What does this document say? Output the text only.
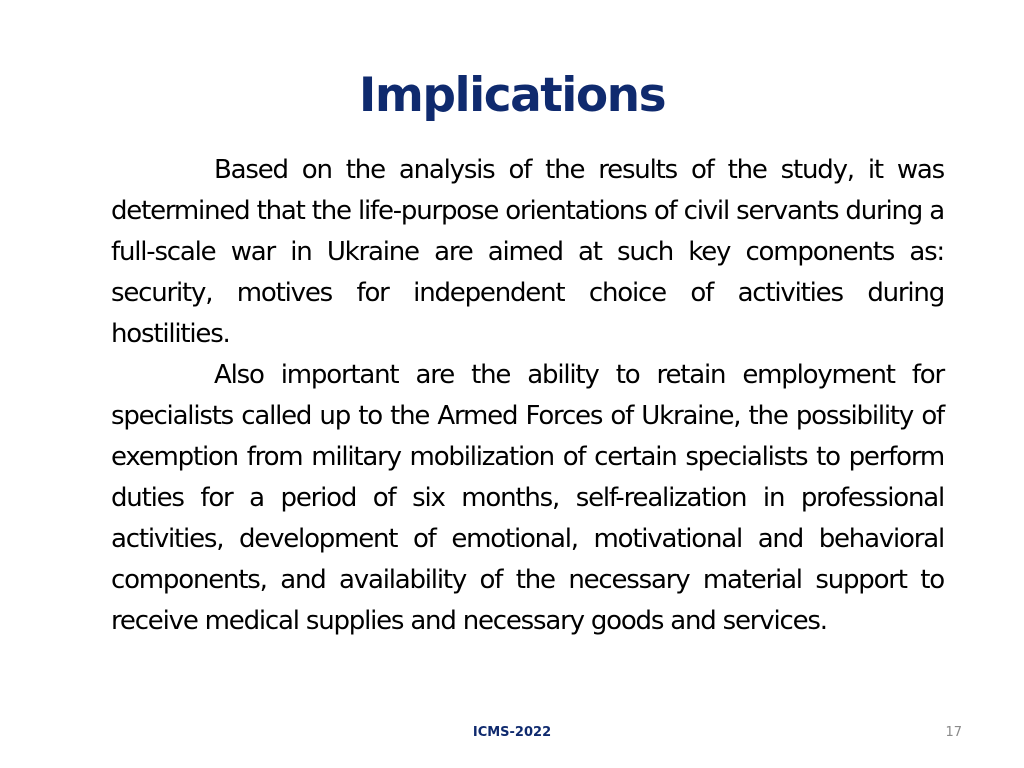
Implications

Based on the analysis of the results of the study, it was determined that the life-purpose orientations of civil servants during a full-scale war in Ukraine are aimed at such key components as: security, motives for independent choice of activities during hostilities.

Also important are the ability to retain employment for specialists called up to the Armed Forces of Ukraine, the possibility of exemption from military mobilization of certain specialists to perform duties for a period of six months, self-realization in professional activities, development of emotional, motivational and behavioral components, and availability of the necessary material support to receive medical supplies and necessary goods and services.

ICMS-2022	17
